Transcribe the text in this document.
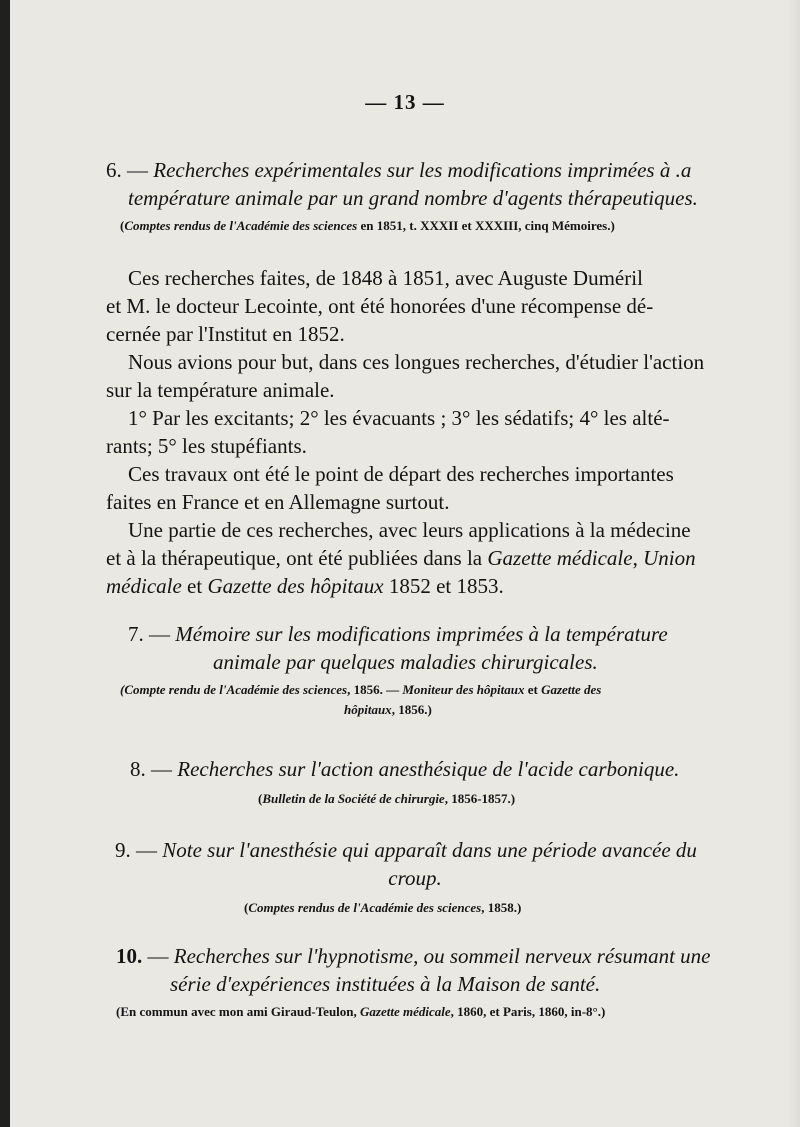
— 13 —
6. — Recherches expérimentales sur les modifications imprimées à .a
température animale par un grand nombre d'agents thérapeutiques.
(Comptes rendus de l'Académie des sciences en 1851, t. XXXII et XXXIII, cinq Mémoires.)

Ces recherches faites, de 1848 à 1851, avec Auguste Duméril

et M. le docteur Lecointe, ont été honorées d'une récompense dé-

cernée par l'Institut en 1852.

Nous avions pour but, dans ces longues recherches, d'étudier l'action

sur la température animale.

1° Par les excitants; 2° les évacuants ; 3° les sédatifs; 4° les alté-

rants; 5° les stupéfiants.

Ces travaux ont été le point de départ des recherches importantes

faites en France et en Allemagne surtout.

Une partie de ces recherches, avec leurs applications à la médecine

et à la thérapeutique, ont été publiées dans la Gazette médicale, Union

médicale et Gazette des hôpitaux 1852 et 1853.

7. — Mémoire sur les modifications imprimées à la température
animale par quelques maladies chirurgicales.
(Compte rendu de l'Académie des sciences, 1856. — Moniteur des hôpitaux et Gazette des
hôpitaux, 1856.)
8. — Recherches sur l'action anesthésique de l'acide carbonique.
(Bulletin de la Société de chirurgie, 1856-1857.)
9. — Note sur l'anesthésie qui apparaît dans une période avancée du
croup.
(Comptes rendus de l'Académie des sciences, 1858.)
10. — Recherches sur l'hypnotisme, ou sommeil nerveux résumant une
série d'expériences instituées à la Maison de santé.
(En commun avec mon ami Giraud-Teulon, Gazette médicale, 1860, et Paris, 1860, in-8°.)
